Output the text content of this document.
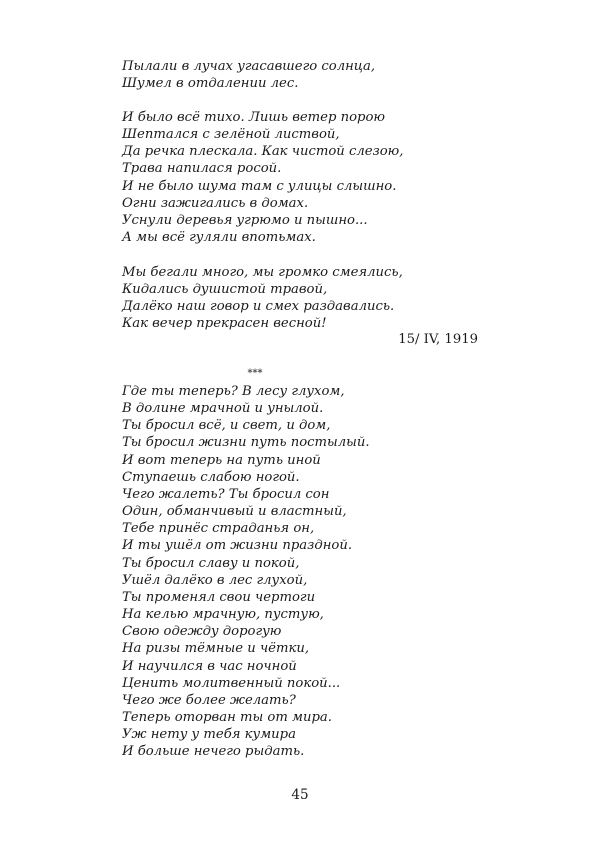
Пылали в лучах угасавшего солнца,
Шумел в отдалении лес.
И было всё тихо. Лишь ветер порою
Шептался с зелёной листвой,
Да речка плескала. Как чистой слезою,
Трава напилася росой.
И не было шума там с улицы слышно.
Огни зажигались в домах.
Уснули деревья угрюмо и пышно...
А мы всё гуляли впотьмах.
Мы бегали много, мы громко смеялись,
Кидались душистой травой,
Далёко наш говор и смех раздавались.
Как вечер прекрасен весной!
15/ IV, 1919
***
Где ты теперь? В лесу глухом,
В долине мрачной и унылой.
Ты бросил всё, и свет, и дом,
Ты бросил жизни путь постылый.
И вот теперь на путь иной
Ступаешь слабою ногой.
Чего жалеть? Ты бросил сон
Один, обманчивый и властный,
Тебе принёс страданья он,
И ты ушёл от жизни праздной.
Ты бросил славу и покой,
Ушёл далёко в лес глухой,
Ты променял свои чертоги
На келью мрачную, пустую,
Свою одежду дорогую
На ризы тёмные и чётки,
И научился в час ночной
Ценить молитвенный покой...
Чего же более желать?
Теперь оторван ты от мира.
Уж нету у тебя кумира
И больше нечего рыдать.
45
